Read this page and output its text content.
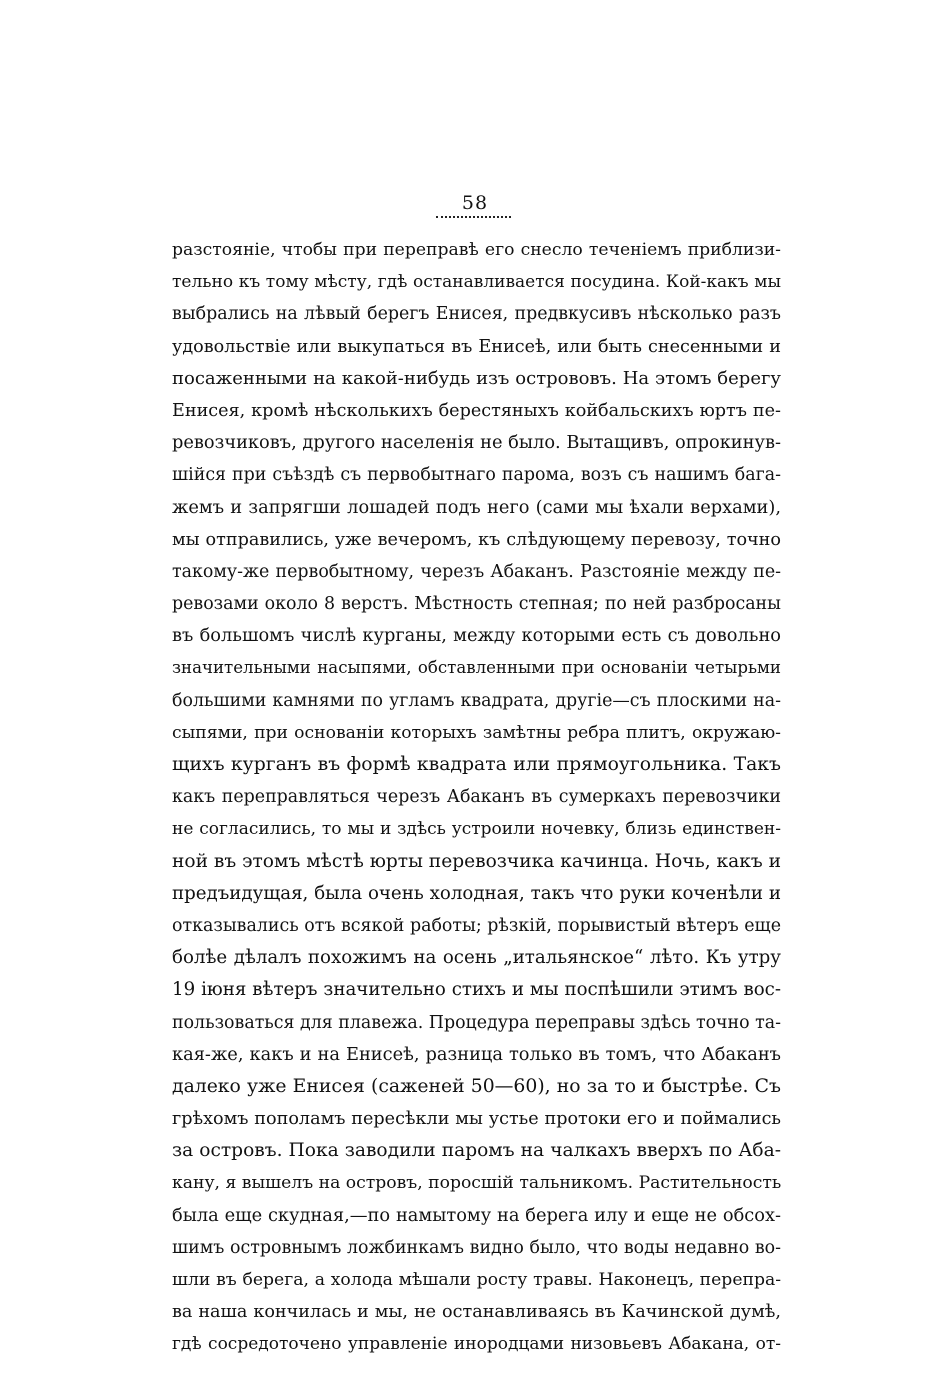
58
разстояніе, чтобы при переправѣ его снесло теченіемъ приблизи-
тельно къ тому мѣсту, гдѣ останавливается посудина. Кой-какъ мы
выбрались на лѣвый берегъ Енисея, предвкусивъ нѣсколько разъ
удовольствіе или выкупаться въ Енисеѣ, или быть снесенными и
посаженными на какой-нибудь изъ острововъ. На этомъ берегу
Енисея, кромѣ нѣсколькихъ берестяныхъ койбальскихъ юртъ пе-
ревозчиковъ, другого населенія не было. Вытащивъ, опрокинув-
шійся при съѣздѣ съ первобытнаго парома, возъ съ нашимъ бага-
жемъ и запрягши лошадей подъ него (сами мы ѣхали верхами),
мы отправились, уже вечеромъ, къ слѣдующему перевозу, точно
такому-же первобытному, черезъ Абаканъ. Разстояніе между пе-
ревозами около 8 верстъ. Мѣстность степная; по ней разбросаны
въ большомъ числѣ курганы, между которыми есть съ довольно
значительными насыпями, обставленными при основаніи четырьми
большими камнями по угламъ квадрата, другіе—съ плоскими на-
сыпями, при основаніи которыхъ замѣтны ребра плитъ, окружаю-
щихъ курганъ въ формѣ квадрата или прямоугольника. Такъ
какъ переправляться черезъ Абаканъ въ сумеркахъ перевозчики
не согласились, то мы и здѣсь устроили ночевку, близь единствен-
ной въ этомъ мѣстѣ юрты перевозчика качинца. Ночь, какъ и
предъидущая, была очень холодная, такъ что руки коченѣли и
отказывались отъ всякой работы; рѣзкій, порывистый вѣтеръ еще
болѣе дѣлалъ похожимъ на осень „итальянское“ лѣто. Къ утру
19 іюня вѣтеръ значительно стихъ и мы поспѣшили этимъ вос-
пользоваться для плавежа. Процедура переправы здѣсь точно та-
кая-же, какъ и на Енисеѣ, разница только въ томъ, что Абаканъ
далеко уже Енисея (саженей 50—60), но за то и быстрѣе. Съ
грѣхомъ пополамъ пересѣкли мы устье протоки его и поймались
за островъ. Пока заводили паромъ на чалкахъ вверхъ по Аба-
кану, я вышелъ на островъ, поросшій тальникомъ. Растительность
была еще скудная,—по намытому на берега илу и еще не обсох-
шимъ островнымъ ложбинкамъ видно было, что воды недавно во-
шли въ берега, а холода мѣшали росту травы. Наконецъ, перепра-
ва наша кончилась и мы, не останавливаясь въ Качинской думѣ,
гдѣ сосредоточено управленіе инородцами низовьевъ Абакана, от-
